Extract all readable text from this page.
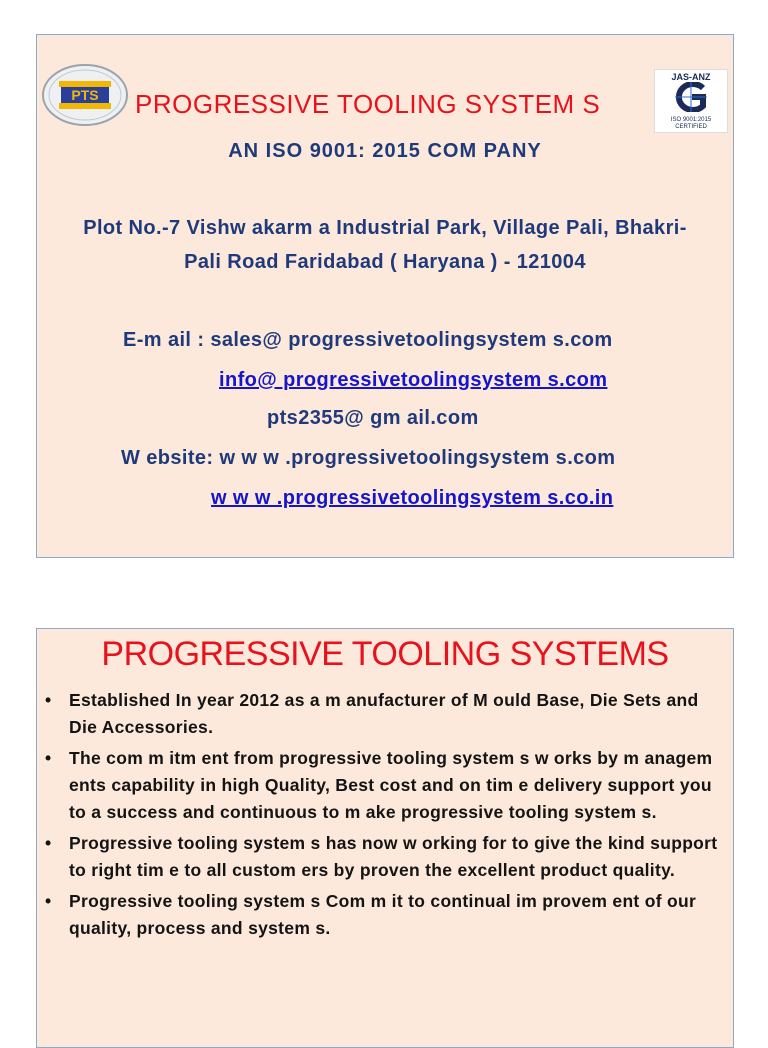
PTS PROGRESSIVE TOOLING SYSTEM S
JAS-ANZ
ISO 9001:2015
CERTIFIED
AN ISO 9001: 2015 COM PANY
Plot No.-7 Vishw akarm a Industrial Park, Village Pali, Bhakri-
Pali Road Faridabad ( Haryana ) - 121004
E-m ail : sales@ progressivetoolingsystem s.com
info@ progressivetoolingsystem s.com
pts2355@ gm ail.com
W ebsite: w w w .progressivetoolingsystem s.com
w w w .progressivetoolingsystem s.co.in
PROGRESSIVE TOOLING SYSTEMS
• Established In year 2012 as a m anufacturer of M ould Base, Die Sets and Die Accessories.
• The com m itm ent from progressive tooling system s w orks by m anagem ents capability in high Quality, Best cost and on tim e delivery support you to a success and continuous to m ake progressive tooling system s.
• Progressive tooling system s has now w orking for to give the kind support to right tim e to all custom ers by proven the excellent product quality.
• Progressive tooling system s Com m it to continual im provem ent of our quality, process and system s.
